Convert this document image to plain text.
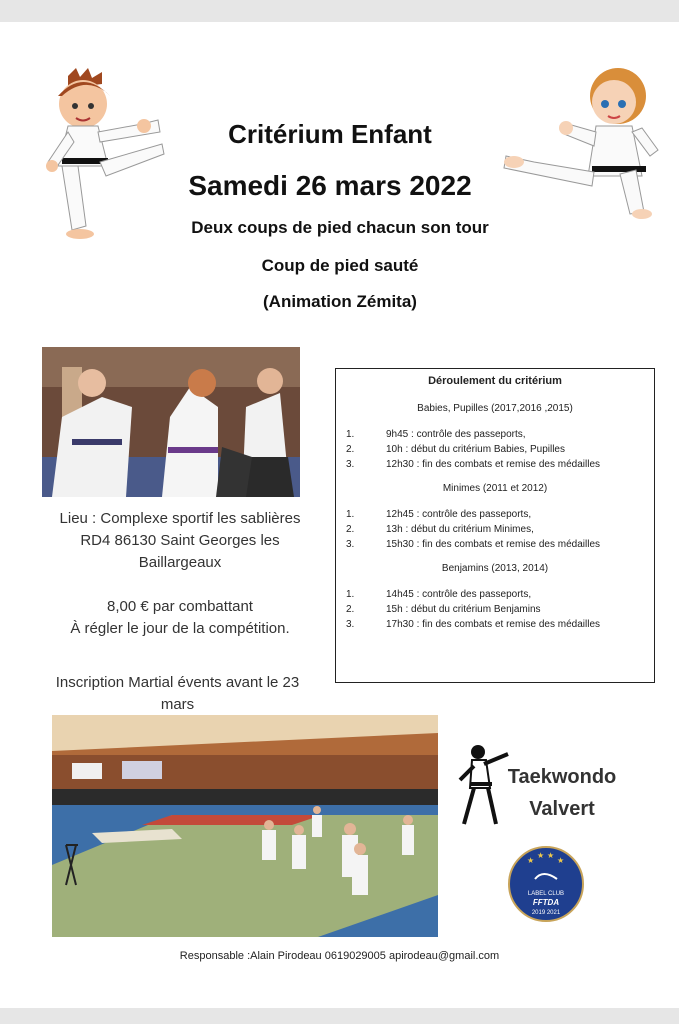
Critérium Enfant
Samedi 26 mars 2022
Deux coups de pied chacun son tour
Coup de pied sauté
(Animation Zémita)
Lieu : Complexe sportif les sablières
RD4 86130 Saint Georges les
Baillargeaux
8,00 € par combattant
À régler le jour de la compétition.
Inscription Martial évents avant le 23
mars
Déroulement du critérium
Babies, Pupilles (2017,2016 ,2015)
1.	9h45 : contrôle des passeports,
2.	10h : début du critérium Babies, Pupilles
3.	12h30 : fin des combats et remise des médailles
Minimes (2011 et 2012)
1.	12h45 : contrôle des passeports,
2.	13h : début du critérium Minimes,
3.	15h30 : fin des combats et remise des médailles
Benjamins (2013, 2014)
1.	14h45 : contrôle des passeports,
2.	15h : début du critérium Benjamins
3.	17h30 : fin des combats et remise des médailles
Taekwondo
Valvert
★
★ ★
★
LABEL CLUB
FFTDA
2019 2021
Responsable :Alain Pirodeau 0619029005 apirodeau@gmail.com
